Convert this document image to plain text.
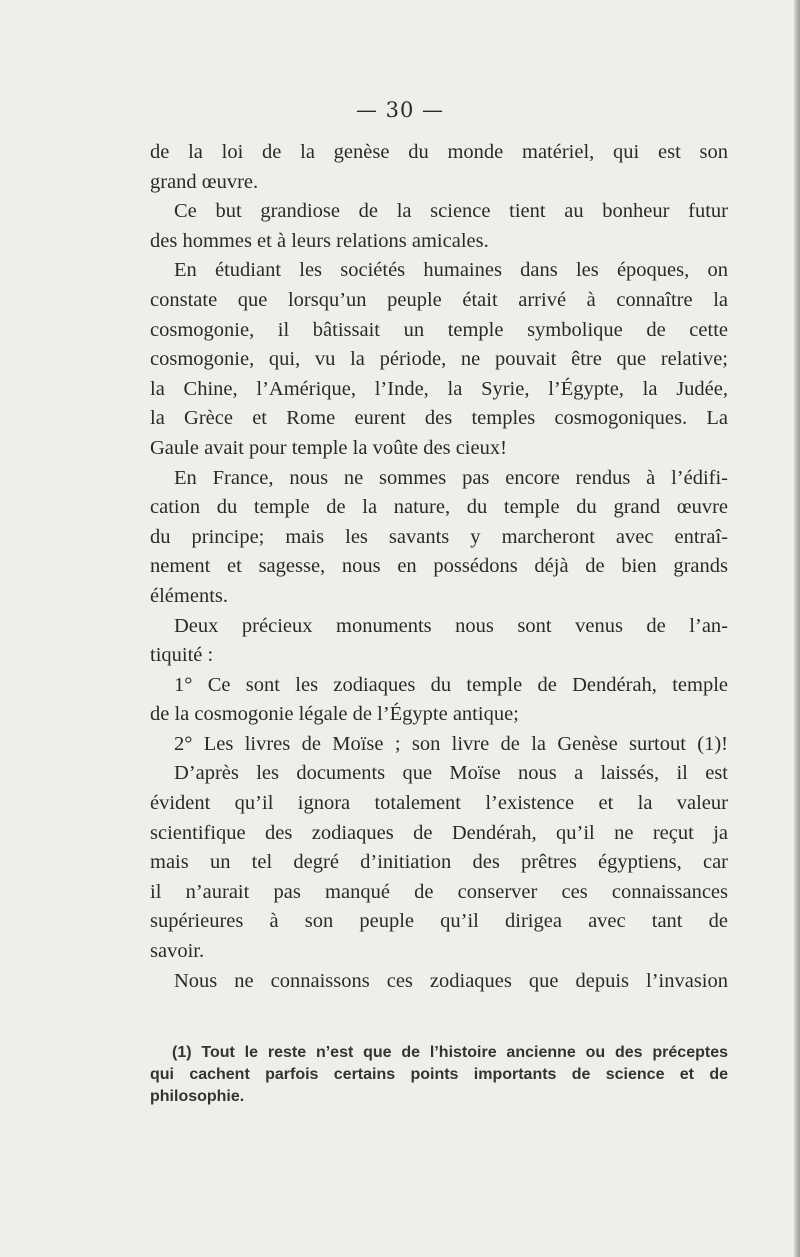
— 30 —
de la loi de la genèse du monde matériel, qui est son
grand œuvre.
Ce but grandiose de la science tient au bonheur futur
des hommes et à leurs relations amicales.
En étudiant les sociétés humaines dans les époques, on
constate que lorsqu’un peuple était arrivé à connaître la
cosmogonie, il bâtissait un temple symbolique de cette
cosmogonie, qui, vu la période, ne pouvait être que relative;
la Chine, l’Amérique, l’Inde, la Syrie, l’Égypte, la Judée,
la Grèce et Rome eurent des temples cosmogoniques. La
Gaule avait pour temple la voûte des cieux!
En France, nous ne sommes pas encore rendus à l’édifi-
cation du temple de la nature, du temple du grand œuvre
du principe; mais les savants y marcheront avec entraî-
nement et sagesse, nous en possédons déjà de bien grands
éléments.
Deux précieux monuments nous sont venus de l’an-
tiquité :
1° Ce sont les zodiaques du temple de Dendérah, temple
de la cosmogonie légale de l’Égypte antique;
2° Les livres de Moïse ; son livre de la Genèse surtout (1)!
D’après les documents que Moïse nous a laissés, il est
évident qu’il ignora totalement l’existence et la valeur
scientifique des zodiaques de Dendérah, qu’il ne reçut ja
mais un tel degré d’initiation des prêtres égyptiens, car
il n’aurait pas manqué de conserver ces connaissances
supérieures à son peuple qu’il dirigea avec tant de
savoir.
Nous ne connaissons ces zodiaques que depuis l’invasion
(1) Tout le reste n’est que de l’histoire ancienne ou des préceptes
qui cachent parfois certains points importants de science et de
philosophie.
